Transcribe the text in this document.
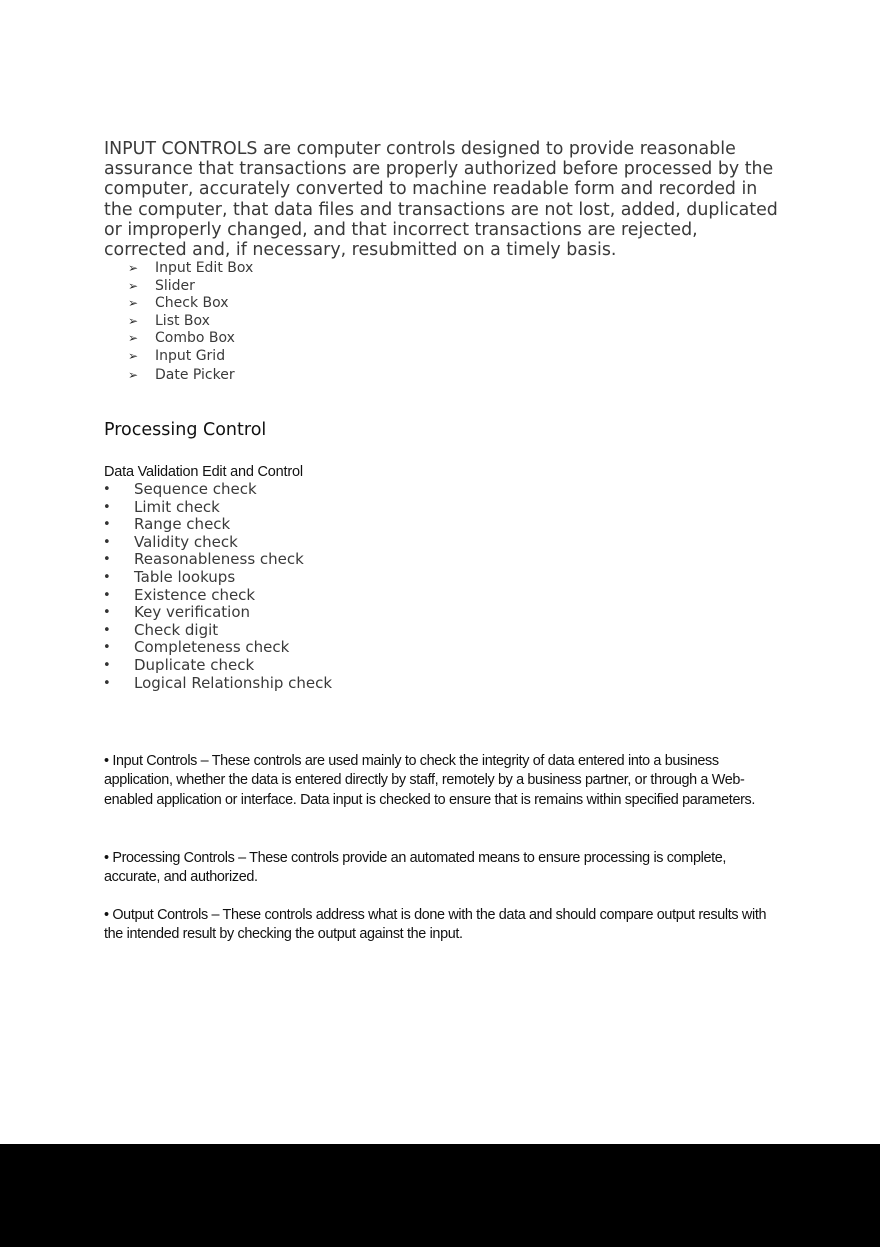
INPUT CONTROLS are computer controls designed to provide reasonable assurance that transactions are properly authorized before processed by the computer, accurately converted to machine readable form and recorded in the computer, that data files and transactions are not lost, added, duplicated or improperly changed, and that incorrect transactions are rejected, corrected and, if necessary, resubmitted on a timely basis.

➢	Input Edit Box
➢	Slider
➢	Check Box
➢	List Box
➢	Combo Box
➢	Input Grid
➢	Date Picker
Processing Control

Data Validation Edit and Control

•	Sequence check
•	Limit check
•	Range check
•	Validity check
•	Reasonableness check
•	Table lookups
•	Existence check
•	Key verification
•	Check digit
•	Completeness check
•	Duplicate check
•	Logical Relationship check

• Input Controls – These controls are used mainly to check the integrity of data entered into a business application, whether the data is entered directly by staff, remotely by a business partner, or through a Web-enabled application or interface. Data input is checked to ensure that is remains within specified parameters.

• Processing Controls – These controls provide an automated means to ensure processing is complete, accurate, and authorized.

• Output Controls – These controls address what is done with the data and should compare output results with the intended result by checking the output against the input.
